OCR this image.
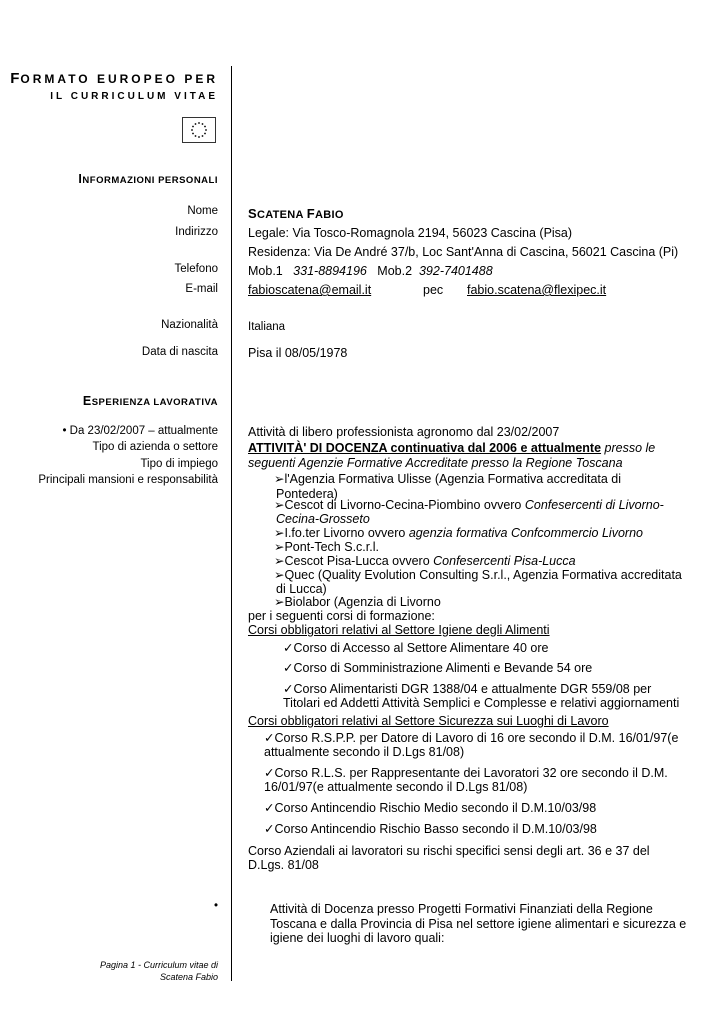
FORMATO EUROPEO PER
IL CURRICULUM VITAE
INFORMAZIONI PERSONALI
Nome
Indirizzo
Telefono
E-mail
Nazionalità
Data di nascita
SCATENA FABIO
Legale: Via Tosco-Romagnola 2194, 56023 Cascina (Pisa)
Residenza: Via De André 37/b, Loc Sant'Anna di Cascina, 56021 Cascina (Pi)
Mob.1 331-8894196 Mob.2 392-7401488
fabioscatena@email.it	pec fabio.scatena@flexipec.it
Italiana
Pisa il 08/05/1978
ESPERIENZA LAVORATIVA
• Da 23/02/2007 – attualmente
Tipo di azienda o settore
Tipo di impiego
Principali mansioni e responsabilità
Attività di libero professionista agronomo dal 23/02/2007
ATTIVITÀ' DI DOCENZA continuativa dal 2006 e attualmente presso le
seguenti Agenzie Formative Accreditate presso la Regione Toscana
➢l'Agenzia Formativa Ulisse (Agenzia Formativa accreditata di
Pontedera)
➢Cescot di Livorno-Cecina-Piombino ovvero Confesercenti di Livorno-
Cecina-Grosseto
➢I.fo.ter Livorno ovvero agenzia formativa Confcommercio Livorno
➢Pont-Tech S.c.r.l.
➢Cescot Pisa-Lucca ovvero Confesercenti Pisa-Lucca
➢Quec (Quality Evolution Consulting S.r.l., Agenzia Formativa accreditata
di Lucca)
➢Biolabor (Agenzia di Livorno
per i seguenti corsi di formazione:
Corsi obbligatori relativi al Settore Igiene degli Alimenti
✓Corso di Accesso al Settore Alimentare 40 ore
✓Corso di Somministrazione Alimenti e Bevande 54 ore
✓Corso Alimentaristi DGR 1388/04 e attualmente DGR 559/08 per
Titolari ed Addetti Attività Semplici e Complesse e relativi aggiornamenti
Corsi obbligatori relativi al Settore Sicurezza sui Luoghi di Lavoro
✓Corso R.S.P.P. per Datore di Lavoro di 16 ore secondo il D.M. 16/01/97(e
attualmente secondo il D.Lgs 81/08)
✓Corso R.L.S. per Rappresentante dei Lavoratori 32 ore secondo il D.M.
16/01/97(e attualmente secondo il D.Lgs 81/08)
✓Corso Antincendio Rischio Medio secondo il D.M.10/03/98
✓Corso Antincendio Rischio Basso secondo il D.M.10/03/98
Corso Aziendali ai lavoratori su rischi specifici sensi degli art. 36 e 37 del
D.Lgs. 81/08
•	Attività di Docenza presso Progetti Formativi Finanziati della Regione
Toscana e dalla Provincia di Pisa nel settore igiene alimentari e sicurezza e
igiene dei luoghi di lavoro quali:
Pagina 1 - Curriculum vitae di
Scatena Fabio
